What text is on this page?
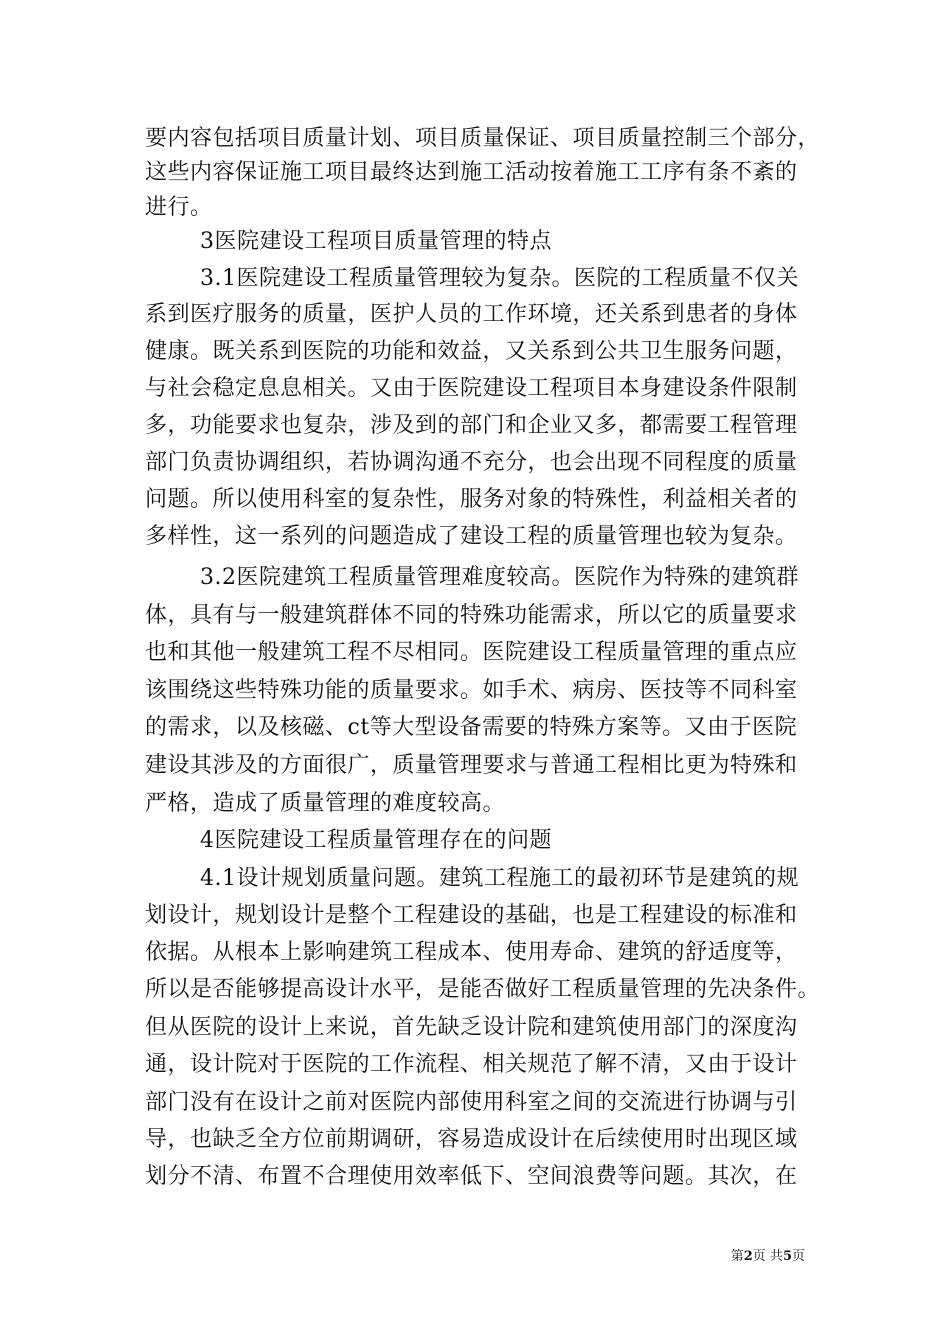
要内容包括项目质量计划、项目质量保证、项目质量控制三个部分，
这些内容保证施工项目最终达到施工活动按着施工工序有条不紊的
进行。
3医院建设工程项目质量管理的特点
3.1医院建设工程质量管理较为复杂。医院的工程质量不仅关
系到医疗服务的质量，医护人员的工作环境，还关系到患者的身体
健康。既关系到医院的功能和效益，又关系到公共卫生服务问题，
与社会稳定息息相关。又由于医院建设工程项目本身建设条件限制
多，功能要求也复杂，涉及到的部门和企业又多，都需要工程管理
部门负责协调组织，若协调沟通不充分，也会出现不同程度的质量
问题。所以使用科室的复杂性，服务对象的特殊性，利益相关者的
多样性，这一系列的问题造成了建设工程的质量管理也较为复杂。
3.2医院建筑工程质量管理难度较高。医院作为特殊的建筑群
体，具有与一般建筑群体不同的特殊功能需求，所以它的质量要求
也和其他一般建筑工程不尽相同。医院建设工程质量管理的重点应
该围绕这些特殊功能的质量要求。如手术、病房、医技等不同科室
的需求，以及核磁、ct等大型设备需要的特殊方案等。又由于医院
建设其涉及的方面很广，质量管理要求与普通工程相比更为特殊和
严格，造成了质量管理的难度较高。
4医院建设工程质量管理存在的问题
4.1设计规划质量问题。建筑工程施工的最初环节是建筑的规
划设计，规划设计是整个工程建设的基础，也是工程建设的标准和
依据。从根本上影响建筑工程成本、使用寿命、建筑的舒适度等，
所以是否能够提高设计水平，是能否做好工程质量管理的先决条件。
但从医院的设计上来说，首先缺乏设计院和建筑使用部门的深度沟
通，设计院对于医院的工作流程、相关规范了解不清，又由于设计
部门没有在设计之前对医院内部使用科室之间的交流进行协调与引
导，也缺乏全方位前期调研，容易造成设计在后续使用时出现区域
划分不清、布置不合理使用效率低下、空间浪费等问题。其次，在
第2页 共5页
